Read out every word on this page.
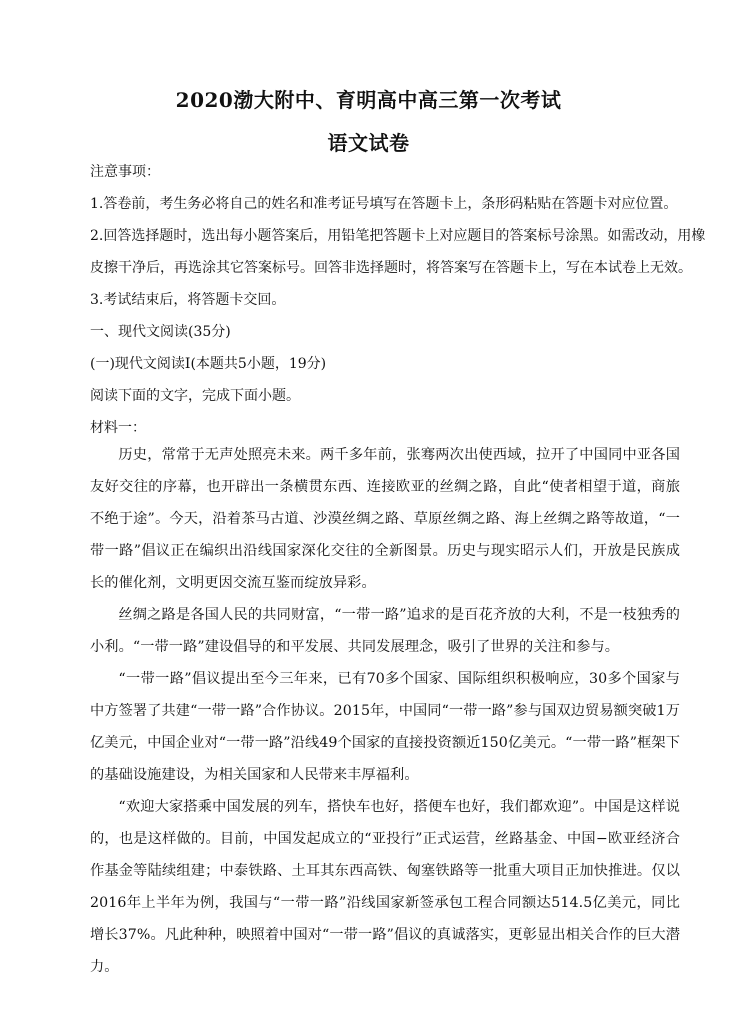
2020渤大附中、育明高中高三第一次考试
语文试卷
注意事项：
1.答卷前，考生务必将自己的姓名和准考证号填写在答题卡上，条形码粘贴在答题卡对应位置。
2.回答选择题时，选出每小题答案后，用铅笔把答题卡上对应题目的答案标号涂黑。如需改动，用橡
皮擦干净后，再选涂其它答案标号。回答非选择题时，将答案写在答题卡上，写在本试卷上无效。
3.考试结束后，将答题卡交回。
一、现代文阅读(35分)
(一)现代文阅读I(本题共5小题，19分)
阅读下面的文字，完成下面小题。
材料一：
历史，常常于无声处照亮未来。两千多年前，张骞两次出使西域，拉开了中国同中亚各国友好交往的序幕，也开辟出一条横贯东西、连接欧亚的丝绸之路，自此“使者相望于道，商旅不绝于途”。今天，沿着茶马古道、沙漠丝绸之路、草原丝绸之路、海上丝绸之路等故道，“一带一路”倡议正在编织出沿线国家深化交往的全新图景。历史与现实昭示人们，开放是民族成长的催化剂，文明更因交流互鉴而绽放异彩。
丝绸之路是各国人民的共同财富，“一带一路”追求的是百花齐放的大利，不是一枝独秀的小利。“一带一路”建设倡导的和平发展、共同发展理念，吸引了世界的关注和参与。
“一带一路”倡议提出至今三年来，已有70多个国家、国际组织积极响应，30多个国家与中方签署了共建“一带一路”合作协议。2015年，中国同“一带一路”参与国双边贸易额突破1万亿美元，中国企业对“一带一路”沿线49个国家的直接投资额近150亿美元。“一带一路”框架下的基础设施建设，为相关国家和人民带来丰厚福利。
“欢迎大家搭乘中国发展的列车，搭快车也好，搭便车也好，我们都欢迎”。中国是这样说的，也是这样做的。目前，中国发起成立的“亚投行”正式运营，丝路基金、中国−欧亚经济合作基金等陆续组建；中泰铁路、土耳其东西高铁、匈塞铁路等一批重大项目正加快推进。仅以2016年上半年为例，我国与“一带一路”沿线国家新签承包工程合同额达514.5亿美元，同比增长37%。凡此种种，映照着中国对“一带一路”倡议的真诚落实，更彰显出相关合作的巨大潜力。
